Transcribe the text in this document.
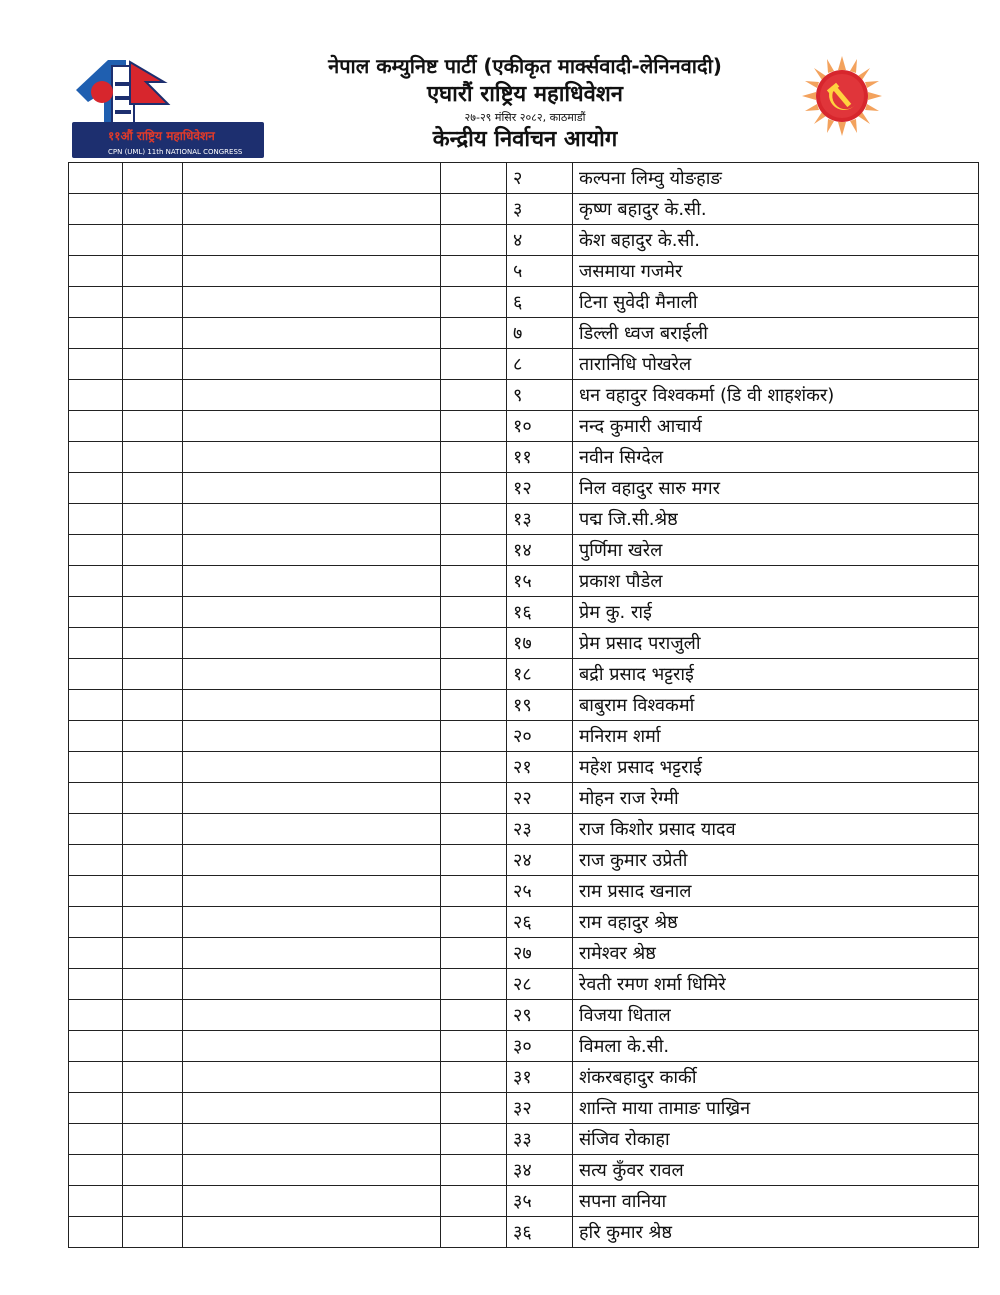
११औं राष्ट्रिय महाधिवेशन
CPN (UML) 11th NATIONAL CONGRESS
नेपाल कम्युनिष्ट पार्टी (एकीकृत मार्क्सवादी-लेनिनवादी)
एघारौं राष्ट्रिय महाधिवेशन
२७-२९ मंसिर २०८२, काठमाडौं
केन्द्रीय निर्वाचन आयोग
				२	कल्पना लिम्वु योङहाङ
				३	कृष्ण बहादुर के.सी.
				४	केश बहादुर के.सी.
				५	जसमाया गजमेर
				६	टिना सुवेदी मैनाली
				७	डिल्ली ध्वज बराईली
				८	तारानिधि पोखरेल
				९	धन वहादुर विश्वकर्मा (डि वी शाहशंकर)
				१०	नन्द कुमारी आचार्य
				११	नवीन सिग्देल
				१२	निल वहादुर सारु मगर
				१३	पद्म जि.सी.श्रेष्ठ
				१४	पुर्णिमा खरेल
				१५	प्रकाश पौडेल
				१६	प्रेम कु. राई
				१७	प्रेम प्रसाद पराजुली
				१८	बद्री प्रसाद भट्टराई
				१९	बाबुराम विश्वकर्मा
				२०	मनिराम शर्मा
				२१	महेश प्रसाद भट्टराई
				२२	मोहन राज रेग्मी
				२३	राज किशोर प्रसाद यादव
				२४	राज कुमार उप्रेती
				२५	राम प्रसाद खनाल
				२६	राम वहादुर श्रेष्ठ
				२७	रामेश्वर श्रेष्ठ
				२८	रेवती रमण शर्मा धिमिरे
				२९	विजया धिताल
				३०	विमला के.सी.
				३१	शंकरबहादुर कार्की
				३२	शान्ति माया तामाङ पाख्रिन
				३३	संजिव रोकाहा
				३४	सत्य कुँवर रावल
				३५	सपना वानिया
				३६	हरि कुमार श्रेष्ठ
